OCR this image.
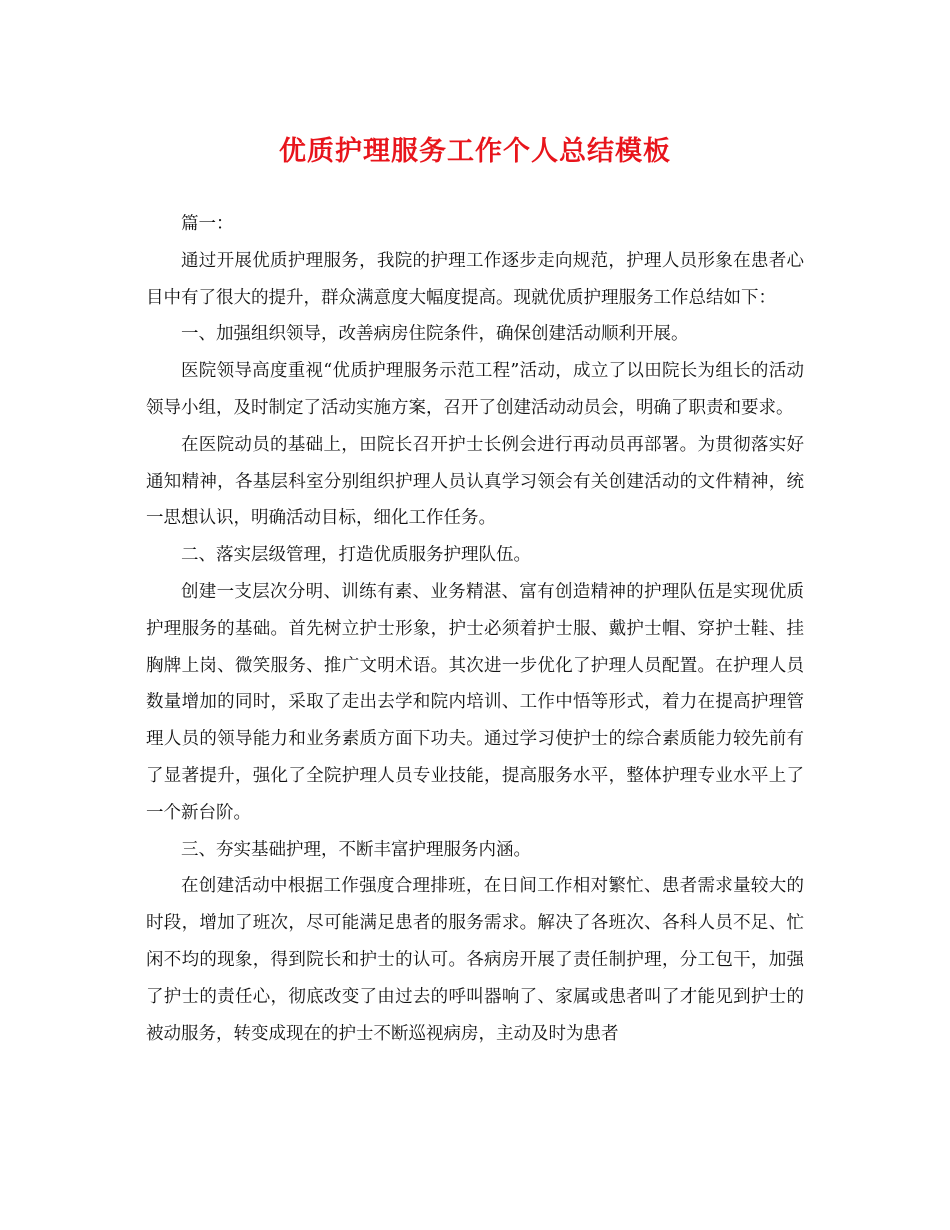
优质护理服务工作个人总结模板

篇一：

通过开展优质护理服务，我院的护理工作逐步走向规范，护理人员形象在患者心目中有了很大的提升，群众满意度大幅度提高。现就优质护理服务工作总结如下：

一、加强组织领导，改善病房住院条件，确保创建活动顺利开展。

医院领导高度重视“优质护理服务示范工程”活动，成立了以田院长为组长的活动领导小组，及时制定了活动实施方案，召开了创建活动动员会，明确了职责和要求。

在医院动员的基础上，田院长召开护士长例会进行再动员再部署。为贯彻落实好通知精神，各基层科室分别组织护理人员认真学习领会有关创建活动的文件精神，统一思想认识，明确活动目标，细化工作任务。

二、落实层级管理，打造优质服务护理队伍。

创建一支层次分明、训练有素、业务精湛、富有创造精神的护理队伍是实现优质护理服务的基础。首先树立护士形象，护士必须着护士服、戴护士帽、穿护士鞋、挂胸牌上岗、微笑服务、推广文明术语。其次进一步优化了护理人员配置。在护理人员数量增加的同时，采取了走出去学和院内培训、工作中悟等形式，着力在提高护理管理人员的领导能力和业务素质方面下功夫。通过学习使护士的综合素质能力较先前有了显著提升，强化了全院护理人员专业技能，提高服务水平，整体护理专业水平上了一个新台阶。

三、夯实基础护理，不断丰富护理服务内涵。

在创建活动中根据工作强度合理排班，在日间工作相对繁忙、患者需求量较大的时段，增加了班次，尽可能满足患者的服务需求。解决了各班次、各科人员不足、忙闲不均的现象，得到院长和护士的认可。各病房开展了责任制护理，分工包干，加强了护士的责任心，彻底改变了由过去的呼叫器响了、家属或患者叫了才能见到护士的被动服务，转变成现在的护士不断巡视病房，主动及时为患者
